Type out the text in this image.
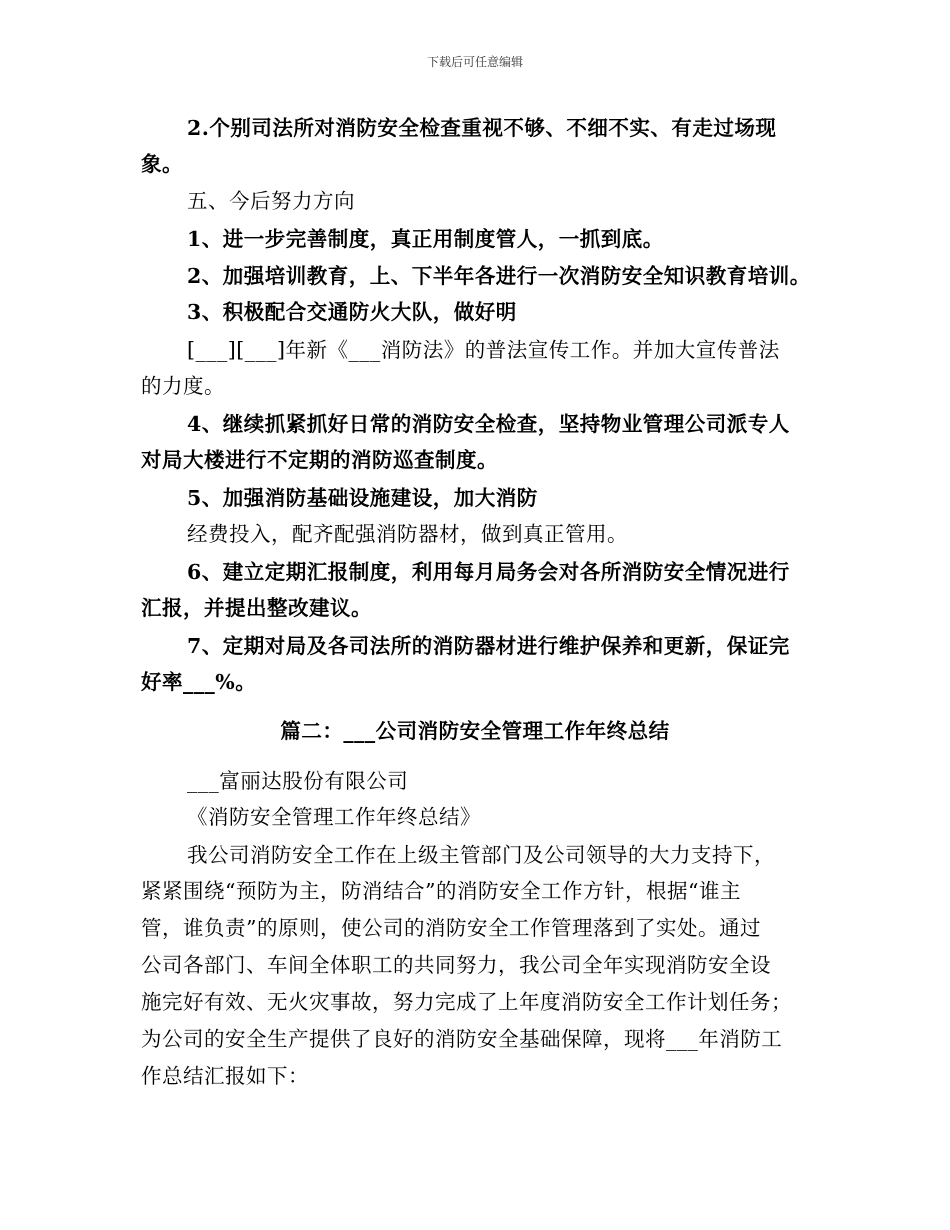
下载后可任意编辑
2.个别司法所对消防安全检查重视不够、不细不实、有走过场现
象。
五、今后努力方向
1、进一步完善制度，真正用制度管人，一抓到底。
2、加强培训教育，上、下半年各进行一次消防安全知识教育培训。
3、积极配合交通防火大队，做好明
[___][___]年新《___消防法》的普法宣传工作。并加大宣传普法
的力度。
4、继续抓紧抓好日常的消防安全检查，坚持物业管理公司派专人
对局大楼进行不定期的消防巡查制度。
5、加强消防基础设施建设，加大消防
经费投入，配齐配强消防器材，做到真正管用。
6、建立定期汇报制度，利用每月局务会对各所消防安全情况进行
汇报，并提出整改建议。
7、定期对局及各司法所的消防器材进行维护保养和更新，保证完
好率___%。
篇二：___公司消防安全管理工作年终总结
___富丽达股份有限公司
《消防安全管理工作年终总结》
我公司消防安全工作在上级主管部门及公司领导的大力支持下，
紧紧围绕“预防为主，防消结合”的消防安全工作方针，根据“谁主
管，谁负责”的原则，使公司的消防安全工作管理落到了实处。通过
公司各部门、车间全体职工的共同努力，我公司全年实现消防安全设
施完好有效、无火灾事故，努力完成了上年度消防安全工作计划任务；
为公司的安全生产提供了良好的消防安全基础保障，现将___年消防工
作总结汇报如下：
